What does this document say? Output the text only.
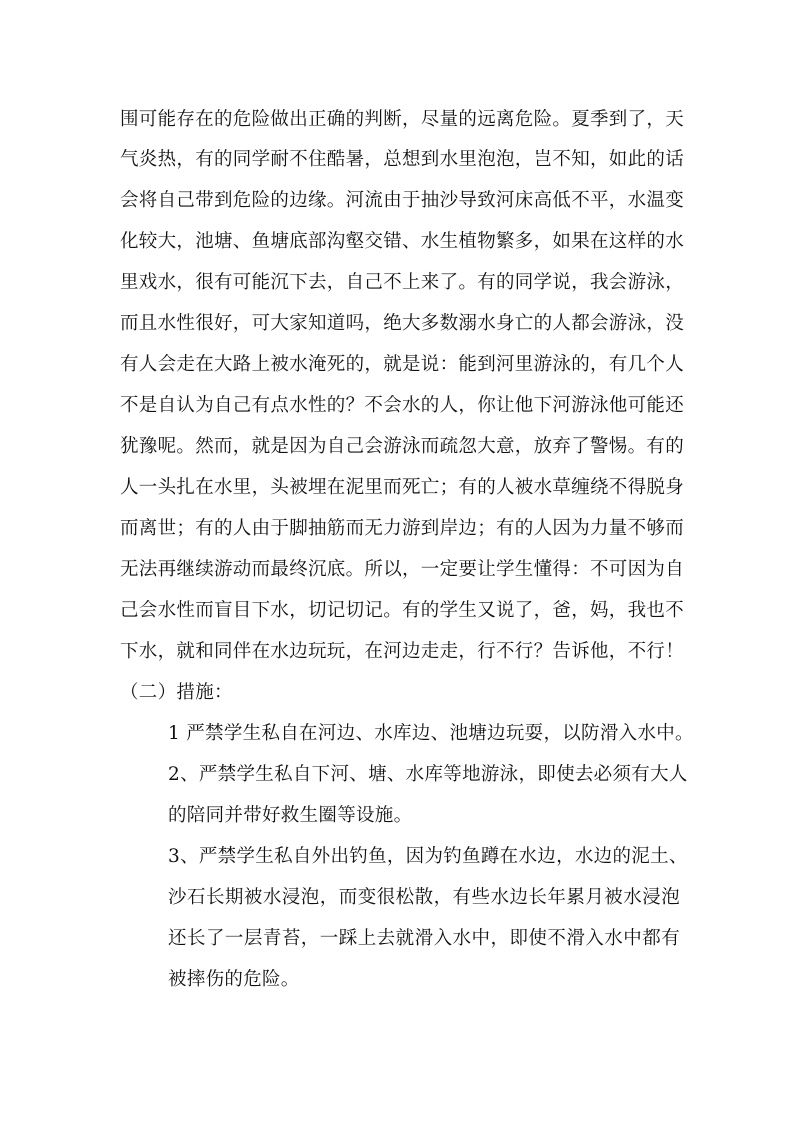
围可能存在的危险做出正确的判断，尽量的远离危险。夏季到了，天
气炎热，有的同学耐不住酷暑，总想到水里泡泡，岂不知，如此的话
会将自己带到危险的边缘。河流由于抽沙导致河床高低不平，水温变
化较大，池塘、鱼塘底部沟壑交错、水生植物繁多，如果在这样的水
里戏水，很有可能沉下去，自己不上来了。有的同学说，我会游泳，
而且水性很好，可大家知道吗，绝大多数溺水身亡的人都会游泳，没
有人会走在大路上被水淹死的，就是说：能到河里游泳的，有几个人
不是自认为自己有点水性的？不会水的人，你让他下河游泳他可能还
犹豫呢。然而，就是因为自己会游泳而疏忽大意，放弃了警惕。有的
人一头扎在水里，头被埋在泥里而死亡；有的人被水草缠绕不得脱身
而离世；有的人由于脚抽筋而无力游到岸边；有的人因为力量不够而
无法再继续游动而最终沉底。所以，一定要让学生懂得：不可因为自
己会水性而盲目下水，切记切记。有的学生又说了，爸，妈，我也不
下水，就和同伴在水边玩玩，在河边走走，行不行？告诉他，不行！
（二）措施：
1 严禁学生私自在河边、水库边、池塘边玩耍，以防滑入水中。
2、严禁学生私自下河、塘、水库等地游泳，即使去必须有大人
的陪同并带好救生圈等设施。
3、严禁学生私自外出钓鱼，因为钓鱼蹲在水边，水边的泥土、
沙石长期被水浸泡，而变很松散，有些水边长年累月被水浸泡
还长了一层青苔，一踩上去就滑入水中，即使不滑入水中都有
被摔伤的危险。
